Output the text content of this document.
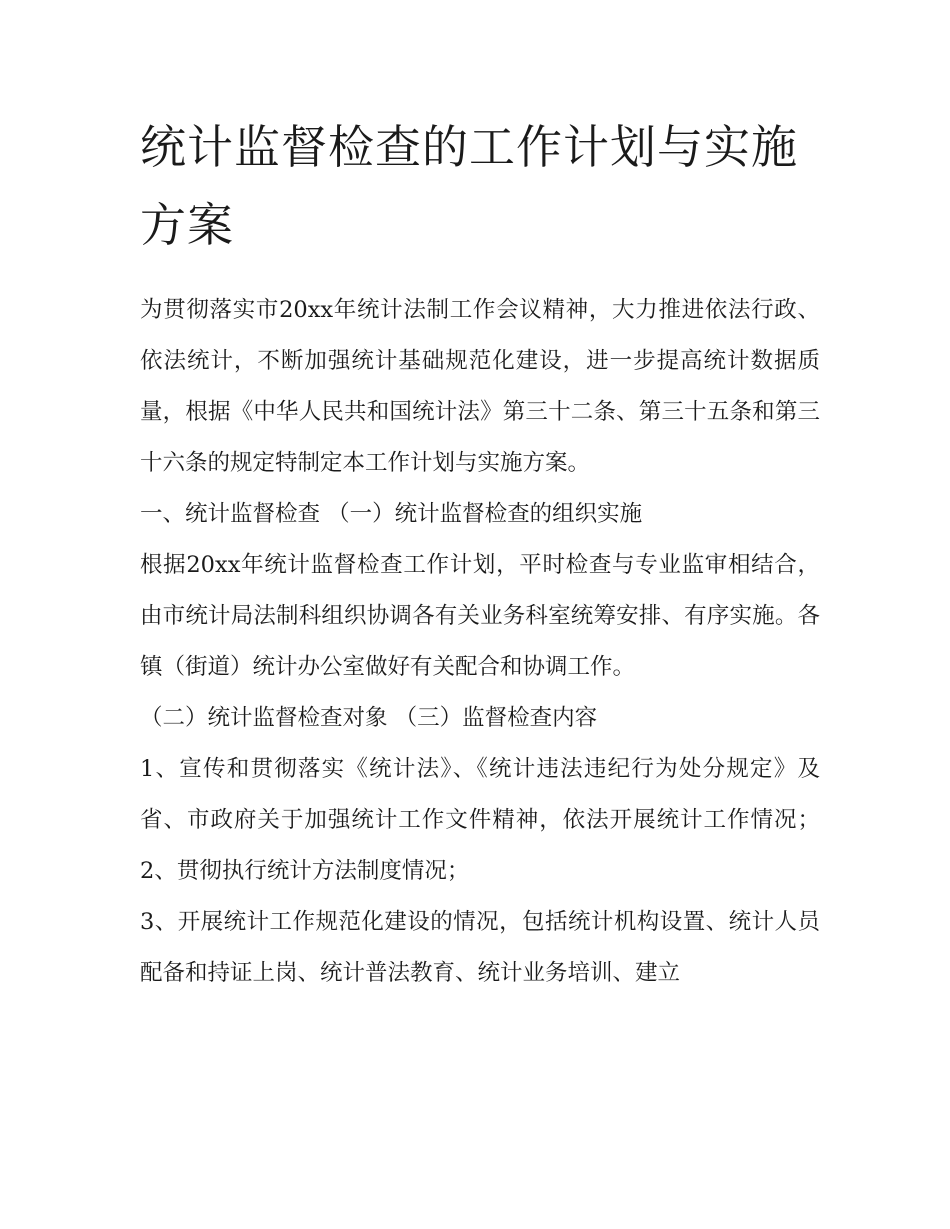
统计监督检查的工作计划与实施方案

为贯彻落实市20xx年统计法制工作会议精神，大力推进依法行政、依法统计，不断加强统计基础规范化建设，进一步提高统计数据质量，根据《中华人民共和国统计法》第三十二条、第三十五条和第三十六条的规定特制定本工作计划与实施方案。

一、统计监督检查 （一）统计监督检查的组织实施

根据20xx年统计监督检查工作计划，平时检查与专业监审相结合，由市统计局法制科组织协调各有关业务科室统筹安排、有序实施。各镇（街道）统计办公室做好有关配合和协调工作。

（二）统计监督检查对象 （三）监督检查内容

1、宣传和贯彻落实《统计法》、《统计违法违纪行为处分规定》及省、市政府关于加强统计工作文件精神，依法开展统计工作情况； 2、贯彻执行统计方法制度情况；

3、开展统计工作规范化建设的情况，包括统计机构设置、统计人员配备和持证上岗、统计普法教育、统计业务培训、建立
